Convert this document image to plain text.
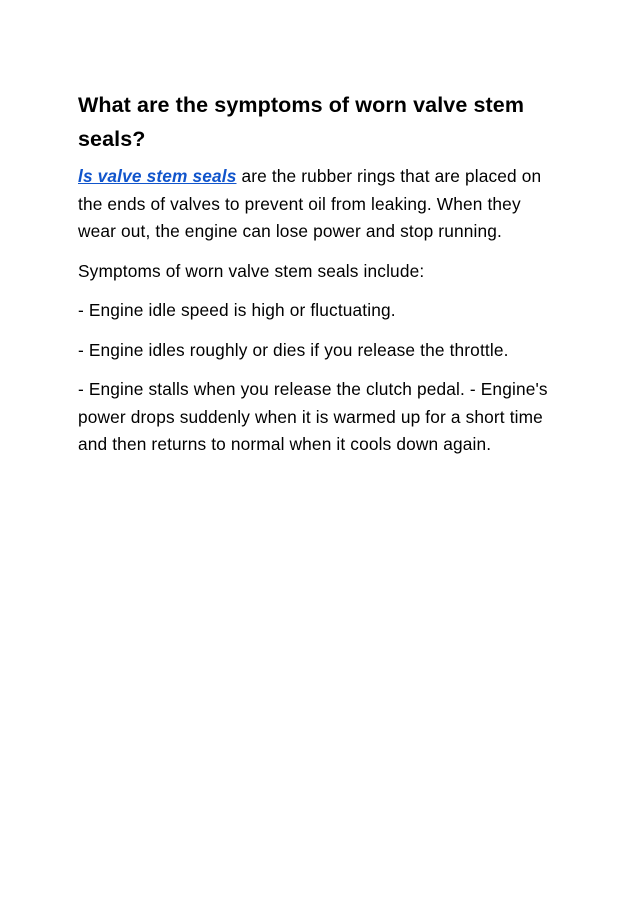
What are the symptoms of worn valve stem seals?

ls valve stem seals are the rubber rings that are placed on the ends of valves to prevent oil from leaking. When they wear out, the engine can lose power and stop running.

Symptoms of worn valve stem seals include:

- Engine idle speed is high or fluctuating.

- Engine idles roughly or dies if you release the throttle.

- Engine stalls when you release the clutch pedal. - Engine's power drops suddenly when it is warmed up for a short time and then returns to normal when it cools down again.
